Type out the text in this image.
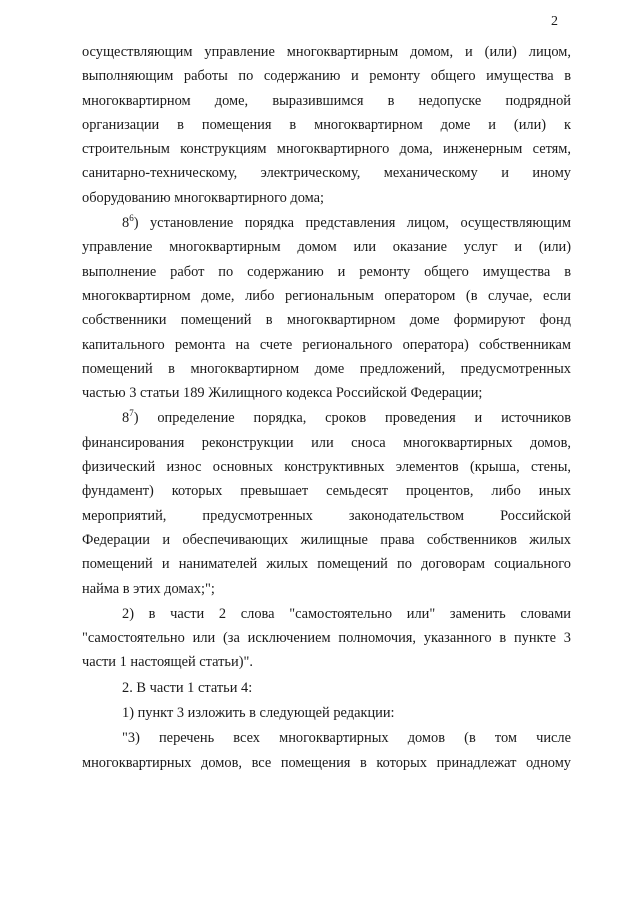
2
осуществляющим управление многоквартирным домом, и (или) лицом,
выполняющим работы по содержанию и ремонту общего имущества в
многоквартирном доме, выразившимся в недопуске подрядной
организации в помещения в многоквартирном доме и (или) к
строительным конструкциям многоквартирного дома, инженерным сетям,
санитарно-техническому, электрическому, механическому и иному
оборудованию многоквартирного дома;
$8^6$) установление порядка представления лицом, осуществляющим
управление многоквартирным домом или оказание услуг и (или)
выполнение работ по содержанию и ремонту общего имущества в
многоквартирном доме, либо региональным оператором (в случае, если
собственники помещений в многоквартирном доме формируют фонд
капитального ремонта на счете регионального оператора) собственникам
помещений в многоквартирном доме предложений, предусмотренных
частью 3 статьи 189 Жилищного кодекса Российской Федерации;
$8^7$) определение порядка, сроков проведения и источников
финансирования реконструкции или сноса многоквартирных домов,
физический износ основных конструктивных элементов (крыша, стены,
фундамент) которых превышает семьдесят процентов, либо иных
мероприятий, предусмотренных законодательством Российской
Федерации и обеспечивающих жилищные права собственников жилых
помещений и нанимателей жилых помещений по договорам социального
найма в этих домах;";
2) в части 2 слова "самостоятельно или" заменить словами
"самостоятельно или (за исключением полномочия, указанного в пункте 3
части 1 настоящей статьи)".
2. В части 1 статьи 4:
1) пункт 3 изложить в следующей редакции:
"3) перечень всех многоквартирных домов (в том числе
многоквартирных домов, все помещения в которых принадлежат одному
